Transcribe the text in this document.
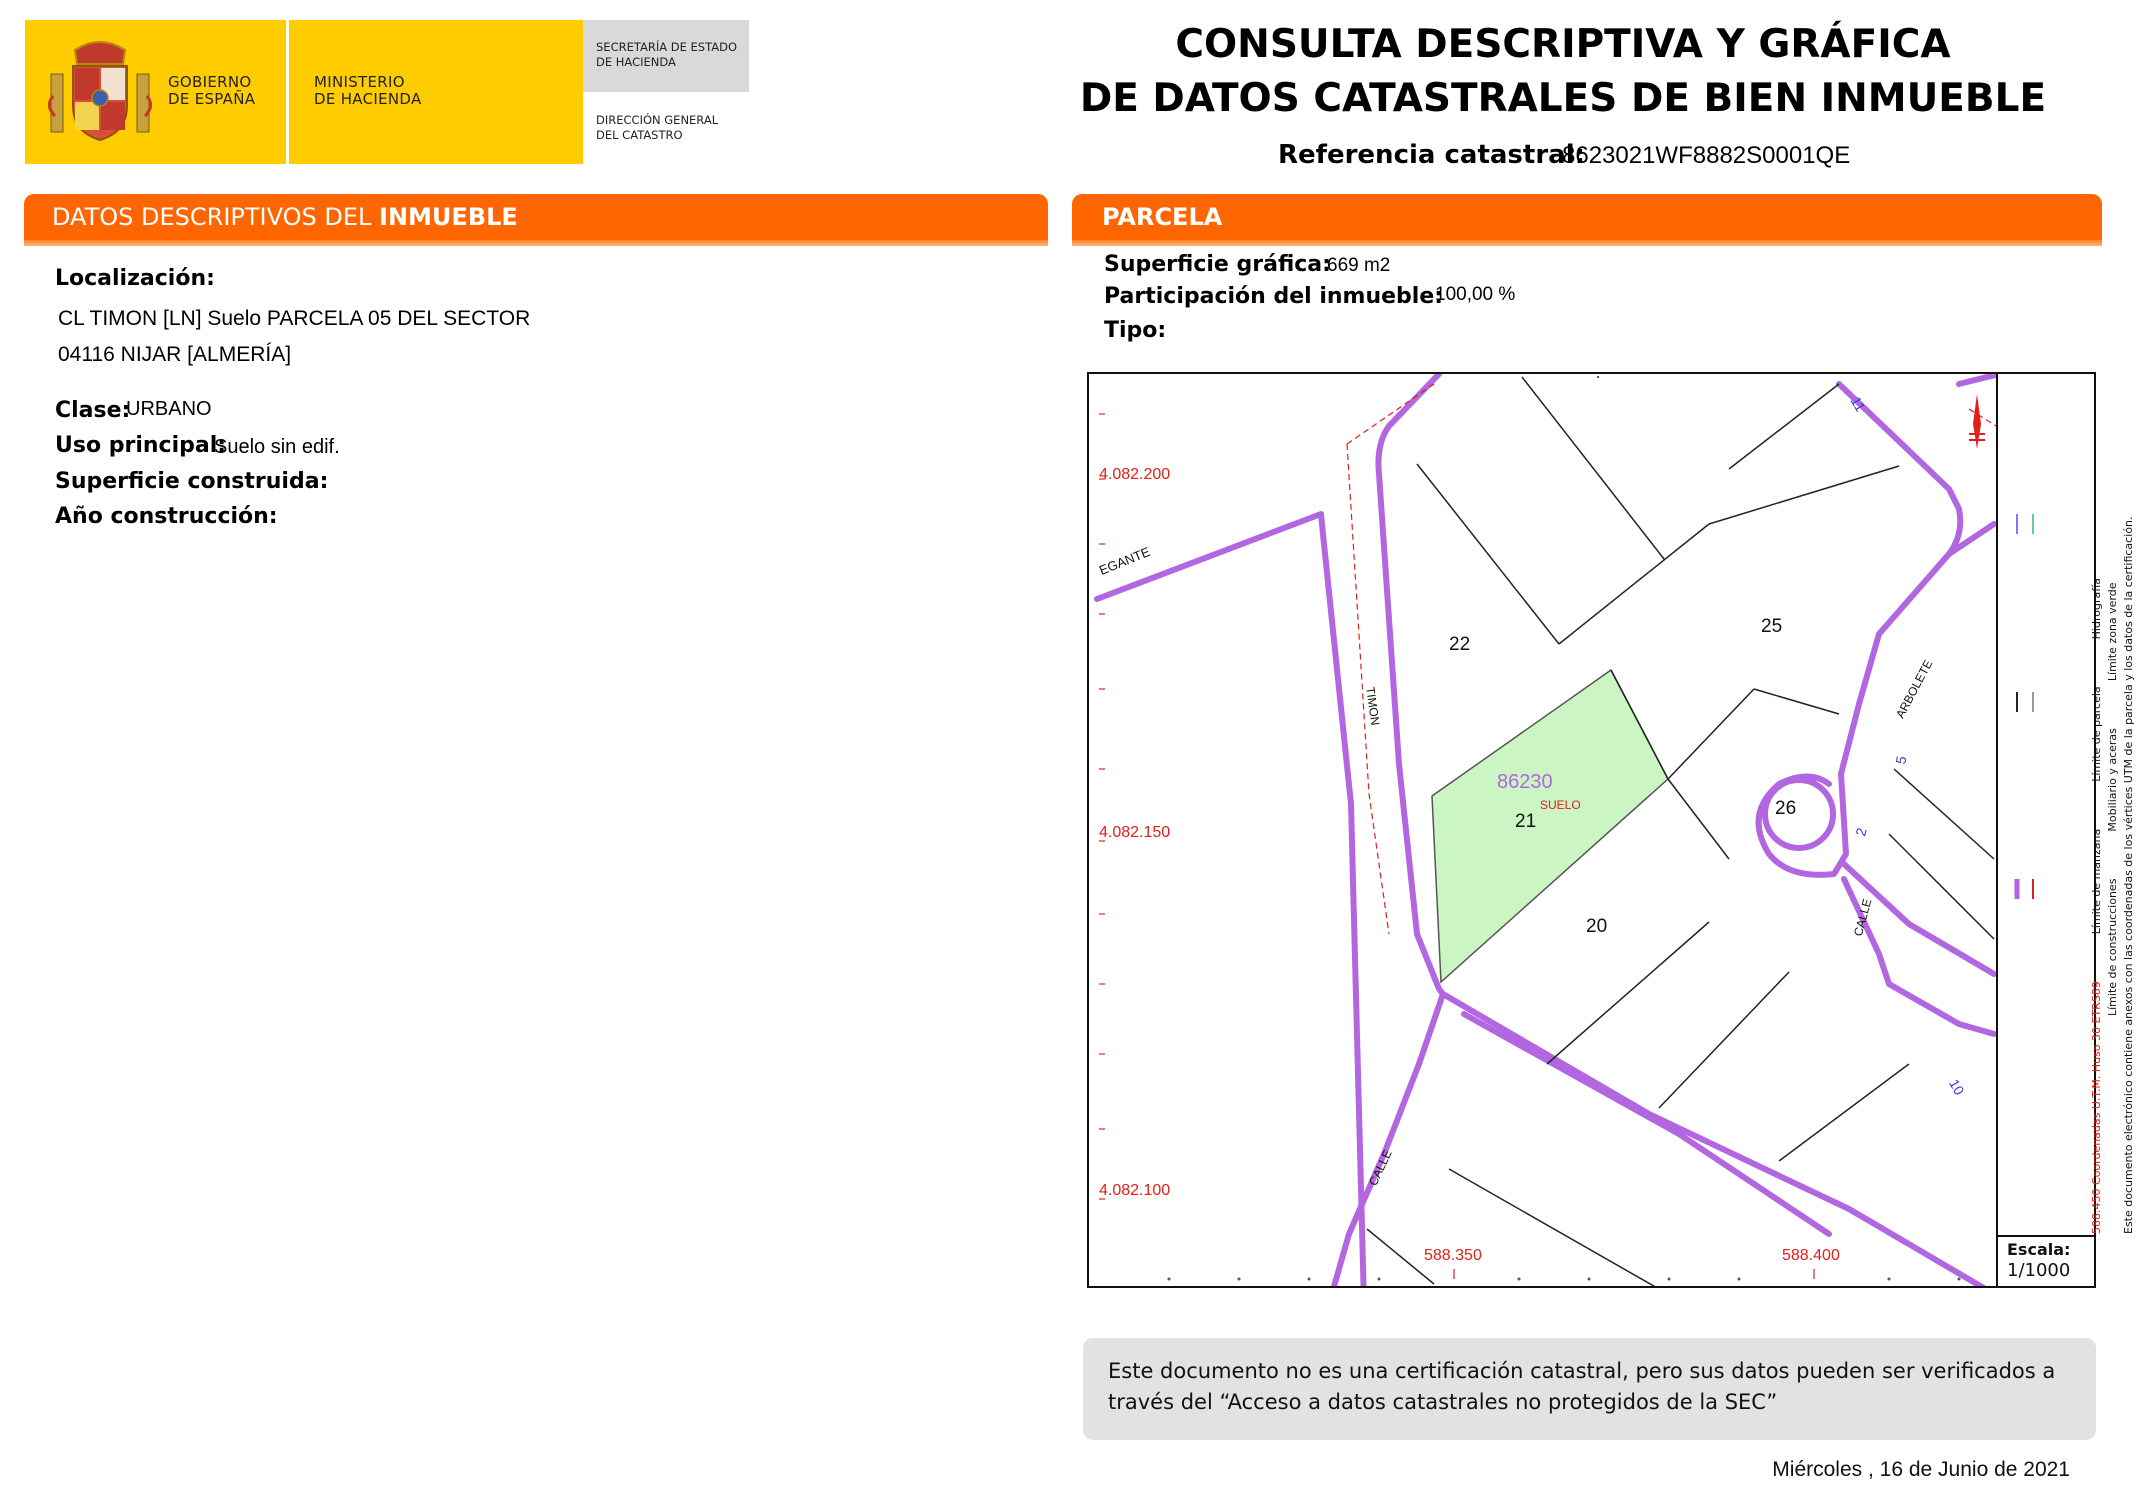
GOBIERNO
DE ESPAÑA
MINISTERIO
DE HACIENDA
SECRETARÍA DE ESTADO
DE HACIENDA
DIRECCIÓN GENERAL
DEL CATASTRO
CONSULTA DESCRIPTIVA Y GRÁFICA
DE DATOS CATASTRALES DE BIEN INMUEBLE
Referencia catastral:
8623021WF8882S0001QE
DATOS DESCRIPTIVOS DEL INMUEBLE
Localización:
CL TIMON [LN] Suelo PARCELA 05 DEL SECTOR
04116 NIJAR [ALMERÍA]
Clase:
URBANO
Uso principal:
Suelo sin edif.
Superficie construida:
Año construcción:
PARCELA
Superficie gráfica:
669 m2
Participación del inmueble:
100,00 %
Tipo:
4.082.200
4.082.150
4.082.100
588.350	588.400
86230
SUELO
22
25
21
26
20
EGANTE
TIMON	ARBOLETE
CALLE
CALLE
11
5
2
10	588.450 Coordenadas U.T.M. Huso 30 ETRS89  Límite de manzana  Límite de parcela  Hidrografía
Límite de construcciones  Mobiliario y aceras  Límite zona verde Este documento electrónico contiene anexos con las coordenadas de los vértices UTM de la parcela y los datos de la certificación.
Escala:
1/1000
Este documento no es una certificación catastral, pero sus datos pueden ser verificados a través del “Acceso a datos catastrales no protegidos de la SEC”
Miércoles , 16 de Junio de 2021
